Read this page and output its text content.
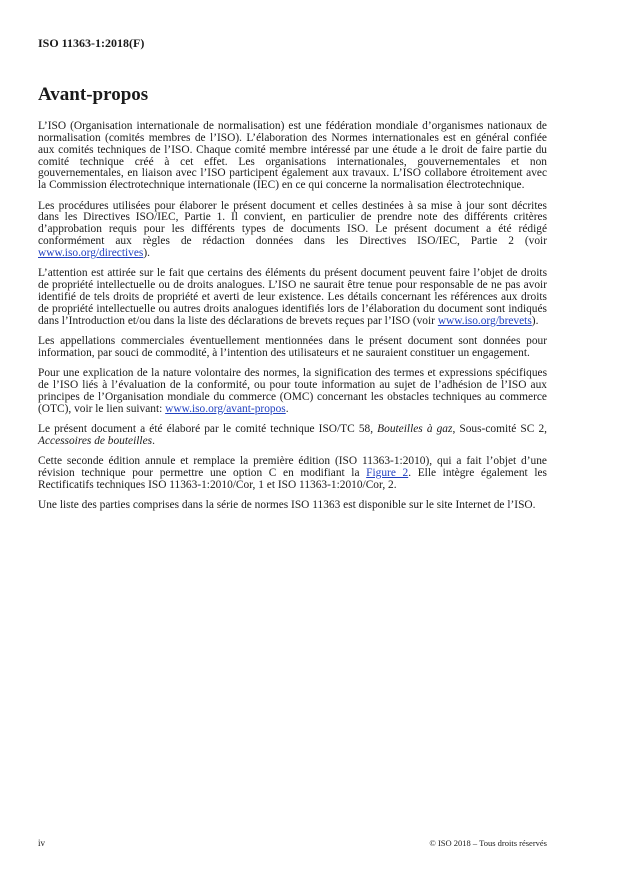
ISO 11363-1:2018(F)
Avant-propos

L’ISO (Organisation internationale de normalisation) est une fédération mondiale d’organismes nationaux de normalisation (comités membres de l’ISO). L’élaboration des Normes internationales est en général confiée aux comités techniques de l’ISO. Chaque comité membre intéressé par une étude a le droit de faire partie du comité technique créé à cet effet. Les organisations internationales, gouvernementales et non gouvernementales, en liaison avec l’ISO participent également aux travaux. L’ISO collabore étroitement avec la Commission électrotechnique internationale (IEC) en ce qui concerne la normalisation électrotechnique.

Les procédures utilisées pour élaborer le présent document et celles destinées à sa mise à jour sont décrites dans les Directives ISO/IEC, Partie 1. Il convient, en particulier de prendre note des différents critères d’approbation requis pour les différents types de documents ISO. Le présent document a été rédigé conformément aux règles de rédaction données dans les Directives ISO/IEC, Partie 2 (voir www.iso.org/directives).

L’attention est attirée sur le fait que certains des éléments du présent document peuvent faire l’objet de droits de propriété intellectuelle ou de droits analogues. L’ISO ne saurait être tenue pour responsable de ne pas avoir identifié de tels droits de propriété et averti de leur existence. Les détails concernant les références aux droits de propriété intellectuelle ou autres droits analogues identifiés lors de l’élaboration du document sont indiqués dans l’Introduction et/ou dans la liste des déclarations de brevets reçues par l’ISO (voir www.iso.org/brevets).

Les appellations commerciales éventuellement mentionnées dans le présent document sont données pour information, par souci de commodité, à l’intention des utilisateurs et ne sauraient constituer un engagement.

Pour une explication de la nature volontaire des normes, la signification des termes et expressions spécifiques de l’ISO liés à l’évaluation de la conformité, ou pour toute information au sujet de l’adhésion de l’ISO aux principes de l’Organisation mondiale du commerce (OMC) concernant les obstacles techniques au commerce (OTC), voir le lien suivant: www.iso.org/avant-propos.

Le présent document a été élaboré par le comité technique ISO/TC 58, Bouteilles à gaz, Sous-comité SC 2, Accessoires de bouteilles.

Cette seconde édition annule et remplace la première édition (ISO 11363-1:2010), qui a fait l’objet d’une révision technique pour permettre une option C en modifiant la Figure 2. Elle intègre également les Rectificatifs techniques ISO 11363-1:2010/Cor, 1 et ISO 11363-1:2010/Cor, 2.

Une liste des parties comprises dans la série de normes ISO 11363 est disponible sur le site Internet de l’ISO.

iv	© ISO 2018 – Tous droits réservés
